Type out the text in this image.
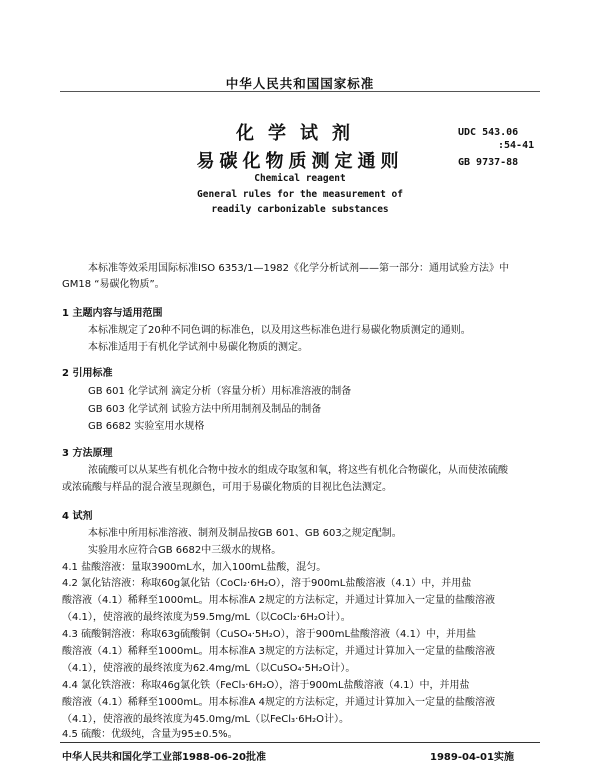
中华人民共和国国家标准
化学试剂
易碳化物质测定通则
UDC 543.06
:54-41
GB 9737-88
Chemical reagent
General rules for the measurement of
readily carbonizable substances
本标准等效采用国际标准ISO 6353/1—1982《化学分析试剂——第一部分：通用试验方法》中
GM18 “易碳化物质”。
1 主题内容与适用范围
本标准规定了20种不同色调的标准色，以及用这些标准色进行易碳化物质测定的通则。
本标准适用于有机化学试剂中易碳化物质的测定。
2 引用标准
GB 601 化学试剂 滴定分析（容量分析）用标准溶液的制备
GB 603 化学试剂 试验方法中所用制剂及制品的制备
GB 6682 实验室用水规格
3 方法原理
浓硫酸可以从某些有机化合物中按水的组成夺取氢和氧，将这些有机化合物碳化，从而使浓硫酸
或浓硫酸与样品的混合液呈现颜色，可用于易碳化物质的目视比色法测定。
4 试剂
本标准中所用标准溶液、制剂及制品按GB 601、GB 603之规定配制。
实验用水应符合GB 6682中三级水的规格。
4.1 盐酸溶液：量取3900mL水，加入100mL盐酸，混匀。
4.2 氯化钴溶液：称取60g氯化钴（CoCl₂·6H₂O），溶于900mL盐酸溶液（4.1）中，并用盐
酸溶液（4.1）稀释至1000mL。用本标准A 2规定的方法标定，并通过计算加入一定量的盐酸溶液
（4.1），使溶液的最终浓度为59.5mg/mL（以CoCl₂·6H₂O计）。
4.3 硫酸铜溶液：称取63g硫酸铜（CuSO₄·5H₂O），溶于900mL盐酸溶液（4.1）中，并用盐
酸溶液（4.1）稀释至1000mL。用本标准A 3规定的方法标定，并通过计算加入一定量的盐酸溶液
（4.1），使溶液的最终浓度为62.4mg/mL（以CuSO₄·5H₂O计）。
4.4 氯化铁溶液：称取46g氯化铁（FeCl₃·6H₂O），溶于900mL盐酸溶液（4.1）中，并用盐
酸溶液（4.1）稀释至1000mL。用本标准A 4规定的方法标定，并通过计算加入一定量的盐酸溶液
（4.1），使溶液的最终浓度为45.0mg/mL（以FeCl₃·6H₂O计）。
4.5 硫酸：优级纯，含量为95±0.5%。
中华人民共和国化学工业部1988-06-20批准	1989-04-01实施
